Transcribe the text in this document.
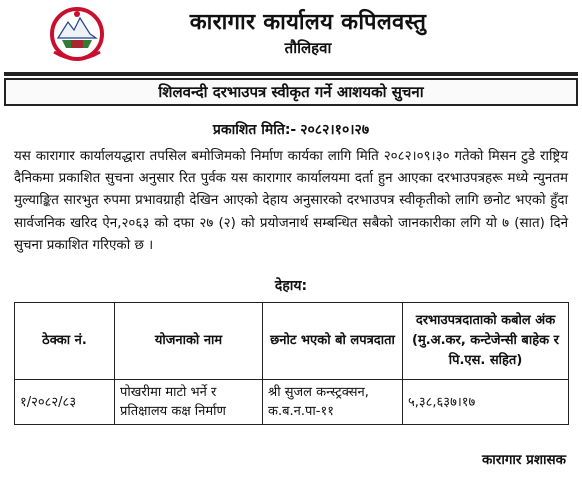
कारागार कार्यालय कपिलवस्तु
तौलिहवा
शिलवन्दी दरभाउपत्र स्वीकृत गर्ने आशयको सुचना
प्रकाशित मिति:- २०८२।१०।२७
यस कारागार कार्यालयद्धारा तपसिल बमोजिमको निर्माण कार्यका लागि मिति २०८२।०९।३० गतेको मिसन टुडे राष्ट्रिय दैनिकमा प्रकाशित सुचना अनुसार रित पुर्वक यस कारागार कार्यालयमा दर्ता हुन आएका दरभाउपत्रहरू मध्ये न्युनतम मुल्याङ्कित सारभुत रुपमा प्रभावग्राही देखिन आएको देहाय अनुसारको दरभाउपत्र स्वीकृतीको लागि छनोट भएको हुँदा सार्वजनिक खरिद ऐन,२०६३ को दफा २७ (२) को प्रयोजनार्थ सम्बन्धित सबैको जानकारीका लगि यो ७ (सात) दिने सुचना प्रकाशित गरिएको छ ।
देहाय:
ठेक्का नं.	योजनाको नाम	छनोट भएको बो लपत्रदाता	दरभाउपत्रदाताको कबोल अंक (मु.अ.कर, कन्टेजेन्सी बाहेक र पि.एस. सहित)
१/२०८२/८३	पोखरीमा माटो भर्ने र प्रतिक्षालय कक्ष निर्माण	श्री सुजल कन्स्ट्रक्सन, क.ब.न.पा-११	५,३८,६३७।१७
कारागार प्रशासक
